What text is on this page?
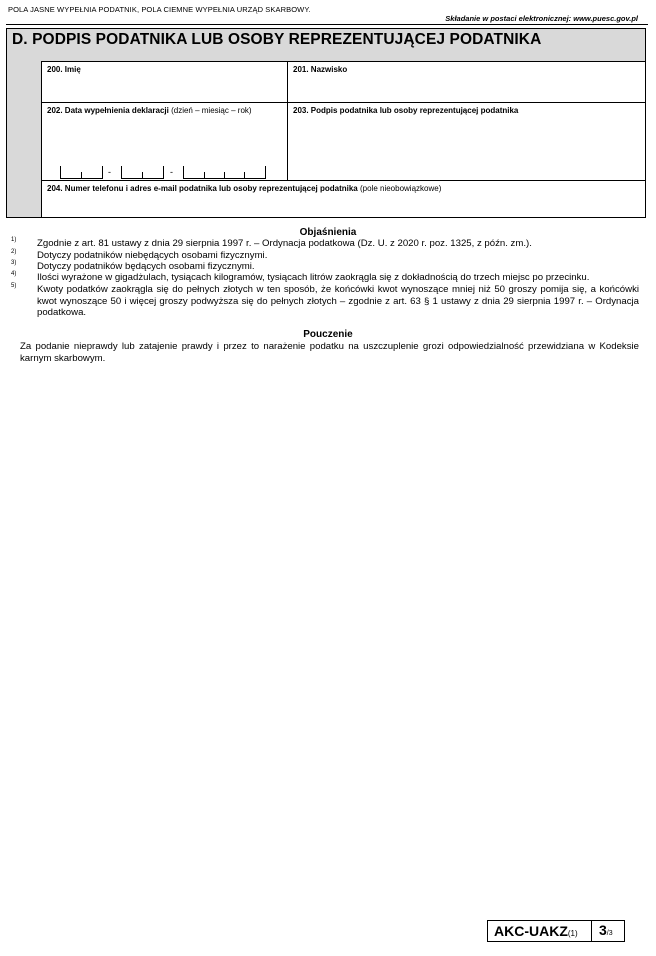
POLA JASNE WYPEŁNIA PODATNIK, POLA CIEMNE WYPEŁNIA URZĄD SKARBOWY.
Składanie w postaci elektronicznej: www.puesc.gov.pl
D. PODPIS PODATNIKA LUB OSOBY REPREZENTUJĄCEJ PODATNIKA
200. Imię	201. Nazwisko
202. Data wypełnienia deklaracji (dzień – miesiąc – rok)
-	-
203. Podpis podatnika lub osoby reprezentującej podatnika
204. Numer telefonu i adres e-mail podatnika lub osoby reprezentującej podatnika (pole nieobowiązkowe)
Objaśnienia
1) Zgodnie z art. 81 ustawy z dnia 29 sierpnia 1997 r. – Ordynacja podatkowa (Dz. U. z 2020 r. poz. 1325, z późn. zm.).
2) Dotyczy podatników niebędących osobami fizycznymi.
3) Dotyczy podatników będących osobami fizycznymi.
4) Ilości wyrażone w gigadżulach, tysiącach kilogramów, tysiącach litrów zaokrągla się z dokładnością do trzech miejsc po przecinku.
5) Kwoty podatków zaokrągla się do pełnych złotych w ten sposób, że końcówki kwot wynoszące mniej niż 50 groszy pomija się, a końcówki kwot wynoszące 50 i więcej groszy podwyższa się do pełnych złotych – zgodnie z art. 63 § 1 ustawy z dnia 29 sierpnia 1997 r. – Ordynacja podatkowa.
Pouczenie
Za podanie nieprawdy lub zatajenie prawdy i przez to narażenie podatku na uszczuplenie grozi odpowiedzialność przewidziana w Kodeksie karnym skarbowym.
AKC-UAKZ(1) 3/3
